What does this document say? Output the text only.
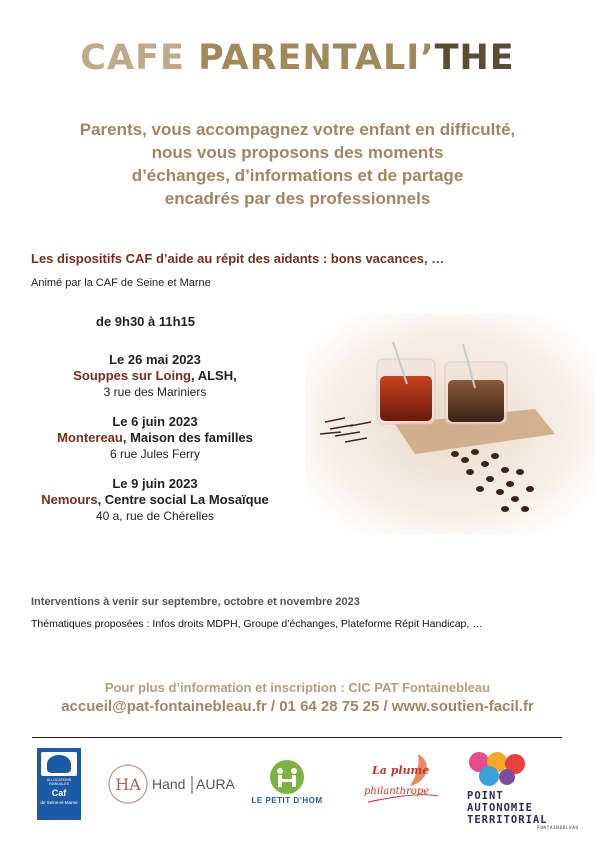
CAFE PARENTALI’THE
Parents, vous accompagnez votre enfant en difficulté,
nous vous proposons des moments
d’échanges, d’informations et de partage
encadrés par des professionnels
Les dispositifs CAF d’aide au répit des aidants : bons vacances, …
Animé par la CAF de Seine et Marne
de 9h30 à 11h15
Le 26 mai 2023
Souppes sur Loing, ALSH,
3 rue des Mariniers
Le 6 juin 2023
Montereau, Maison des familles
6 rue Jules Ferry
Le 9 juin 2023
Nemours, Centre social La Mosaïque
40 a, rue de Chérelles
Interventions à venir sur septembre, octobre et novembre 2023
Thématiques proposées : Infos droits MDPH, Groupe d’échanges, Plateforme Répit Handicap, …
Pour plus d’information et inscription : CIC PAT Fontainebleau
accueil@pat-fontainebleau.fr / 01 64 28 75 25 / www.soutien-facil.fr
ALLOCATIONS FAMILIALES
Caf
de Seine-et-Marne
HA Hand AURA
LE PETIT D’HOM
La plume
philanthrope	POINT
AUTONOMIE
TERRITORIAL
FONTAINEBLEAU
